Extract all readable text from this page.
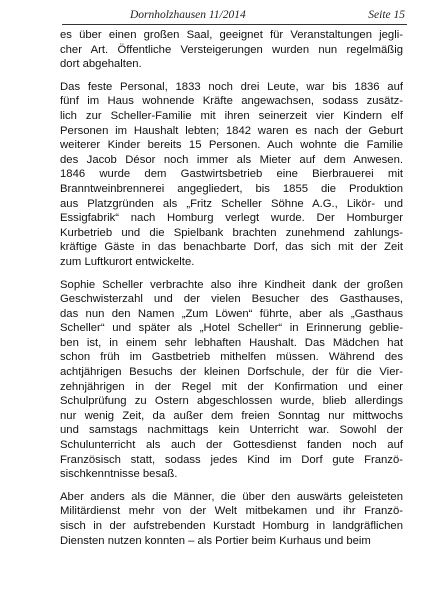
Dornholzhausen 11/2014	Seite 15

es über einen großen Saal, geeignet für Veranstaltungen jegli-
cher Art. Öffentliche Versteigerungen wurden nun regelmäßig
dort abgehalten.

Das feste Personal, 1833 noch drei Leute, war bis 1836 auf
fünf im Haus wohnende Kräfte angewachsen, sodass zusätz-
lich zur Scheller-Familie mit ihren seinerzeit vier Kindern elf
Personen im Haushalt lebten; 1842 waren es nach der Geburt
weiterer Kinder bereits 15 Personen. Auch wohnte die Familie
des Jacob Désor noch immer als Mieter auf dem Anwesen.
1846 wurde dem Gastwirtsbetrieb eine Bierbrauerei mit
Branntweinbrennerei angegliedert, bis 1855 die Produktion
aus Platzgründen als „Fritz Scheller Söhne A.G., Likör- und
Essigfabrik“ nach Homburg verlegt wurde. Der Homburger
Kurbetrieb und die Spielbank brachten zunehmend zahlungs-
kräftige Gäste in das benachbarte Dorf, das sich mit der Zeit
zum Luftkurort entwickelte.

Sophie Scheller verbrachte also ihre Kindheit dank der großen
Geschwisterzahl und der vielen Besucher des Gasthauses,
das nun den Namen „Zum Löwen“ führte, aber als „Gasthaus
Scheller“ und später als „Hotel Scheller“ in Erinnerung geblie-
ben ist, in einem sehr lebhaften Haushalt. Das Mädchen hat
schon früh im Gastbetrieb mithelfen müssen. Während des
achtjährigen Besuchs der kleinen Dorfschule, der für die Vier-
zehnjährigen in der Regel mit der Konfirmation und einer
Schulprüfung zu Ostern abgeschlossen wurde, blieb allerdings
nur wenig Zeit, da außer dem freien Sonntag nur mittwochs
und samstags nachmittags kein Unterricht war. Sowohl der
Schulunterricht als auch der Gottesdienst fanden noch auf
Französisch statt, sodass jedes Kind im Dorf gute Franzö-
sischkenntnisse besaß.

Aber anders als die Männer, die über den auswärts geleisteten
Militärdienst mehr von der Welt mitbekamen und ihr Franzö-
sisch in der aufstrebenden Kurstadt Homburg in landgräflichen
Diensten nutzen konnten – als Portier beim Kurhaus und beim
